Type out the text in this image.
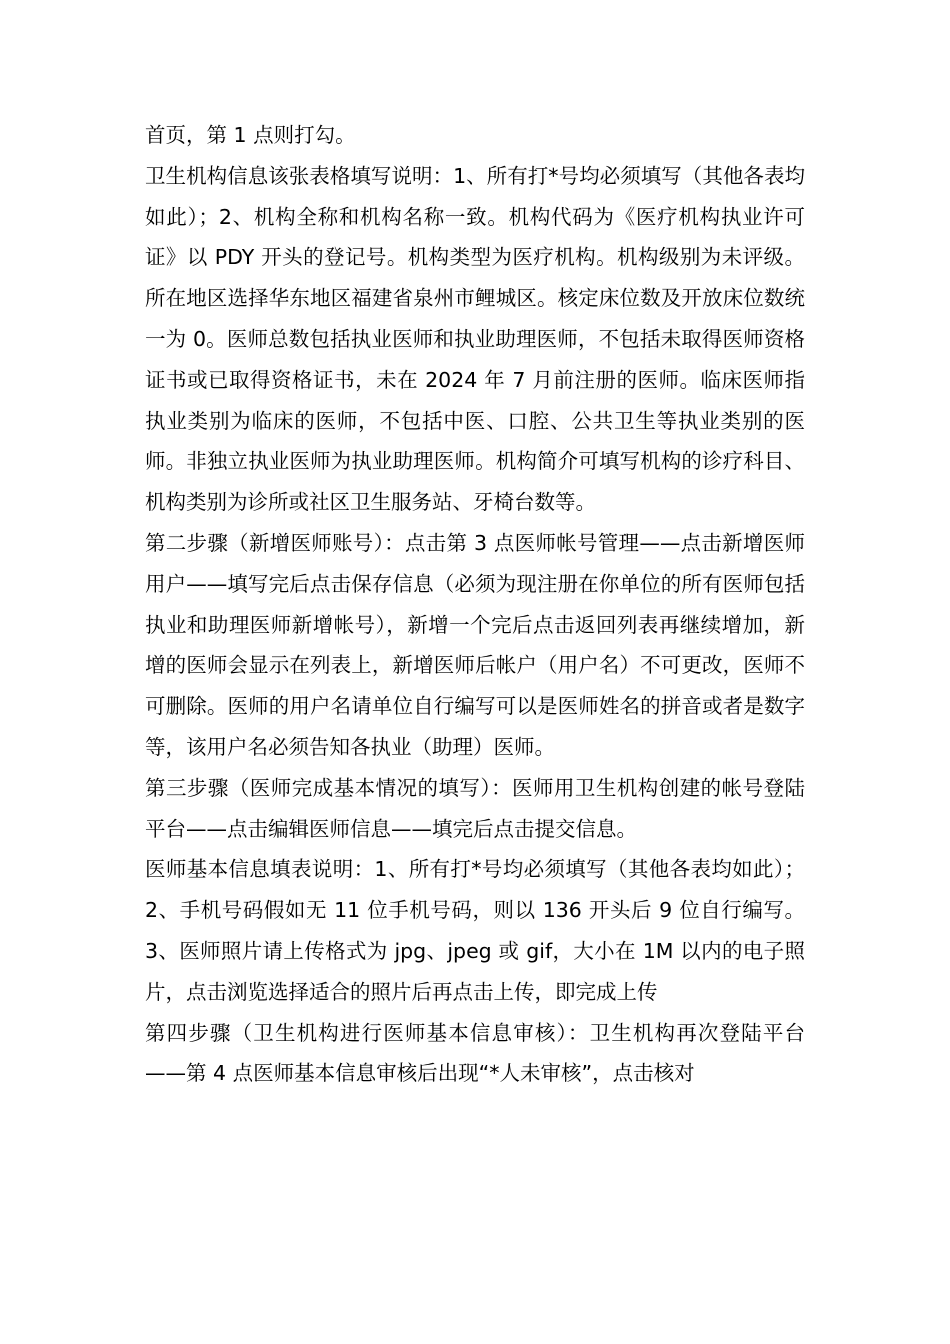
首页，第 1 点则打勾。

卫生机构信息该张表格填写说明：1、所有打*号均必须填写（其他各表均如此）；2、机构全称和机构名称一致。机构代码为《医疗机构执业许可证》以 PDY 开头的登记号。机构类型为医疗机构。机构级别为未评级。所在地区选择华东地区福建省泉州市鲤城区。核定床位数及开放床位数统一为 0。医师总数包括执业医师和执业助理医师，不包括未取得医师资格证书或已取得资格证书，未在 2024 年 7 月前注册的医师。临床医师指执业类别为临床的医师，不包括中医、口腔、公共卫生等执业类别的医师。非独立执业医师为执业助理医师。机构简介可填写机构的诊疗科目、机构类别为诊所或社区卫生服务站、牙椅台数等。

第二步骤（新增医师账号）：点击第 3 点医师帐号管理——点击新增医师用户——填写完后点击保存信息（必须为现注册在你单位的所有医师包括执业和助理医师新增帐号），新增一个完后点击返回列表再继续增加，新增的医师会显示在列表上，新增医师后帐户（用户名）不可更改，医师不可删除。医师的用户名请单位自行编写可以是医师姓名的拼音或者是数字等，该用户名必须告知各执业（助理）医师。

第三步骤（医师完成基本情况的填写）：医师用卫生机构创建的帐号登陆平台——点击编辑医师信息——填完后点击提交信息。

医师基本信息填表说明：1、所有打*号均必须填写（其他各表均如此）；2、手机号码假如无 11 位手机号码，则以 136 开头后 9 位自行编写。3、医师照片请上传格式为 jpg、jpeg 或 gif，大小在 1M 以内的电子照片，点击浏览选择适合的照片后再点击上传，即完成上传

第四步骤（卫生机构进行医师基本信息审核）：卫生机构再次登陆平台——第 4 点医师基本信息审核后出现“*人未审核”，点击核对
